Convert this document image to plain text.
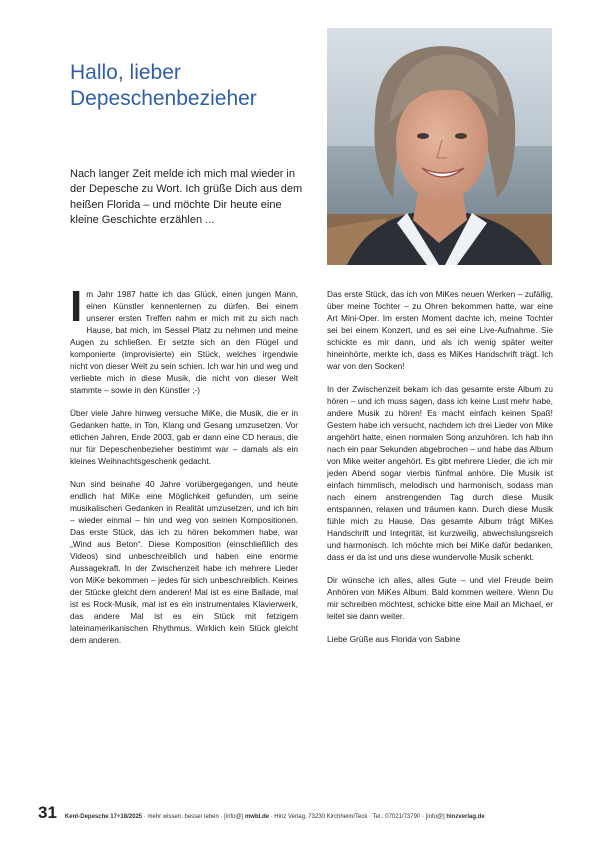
Hallo, lieber
Depeschenbezieher

Nach langer Zeit melde ich mich mal wieder in der Depesche zu Wort. Ich grüße Dich aus dem heißen Florida – und möchte Dir heute eine kleine Geschichte erzählen ...

Im Jahr 1987 hatte ich das Glück, einen jungen Mann, einen Künstler kennenlernen zu dürfen. Bei einem unserer ersten Treffen nahm er mich mit zu sich nach Hause, bat mich, im Sessel Platz zu nehmen und meine Augen zu schließen. Er setzte sich an den Flügel und komponierte (improvisierte) ein Stück, welches irgendwie nicht von dieser Welt zu sein schien. Ich war hin und weg und verliebte mich in diese Musik, die nicht von dieser Welt stammte – sowie in den Künstler ;-)

Über viele Jahre hinweg versuche MiKe, die Musik, die er in Gedanken hatte, in Ton, Klang und Gesang umzusetzen. Vor etlichen Jahren, Ende 2003, gab er dann eine CD heraus, die nur für Depeschenbezieher bestimmt war – damals als ein kleines Weihnachtsgeschenk gedacht.

Nun sind beinahe 40 Jahre vorübergegangen, und heute endlich hat MiKe eine Möglichkeit gefunden, um seine musikalischen Gedanken in Realität umzusetzen, und ich bin – wieder einmal – hin und weg von seinen Kompositionen. Das erste Stück, das ich zu hören bekommen habe, war „Wind aus Beton“. Diese Komposition (einschließlich des Videos) sind unbeschreiblich und haben eine enorme Aussagekraft. In der Zwischenzeit habe ich mehrere Lieder von MiKe bekommen – jedes für sich unbeschreiblich. Keines der Stücke gleicht dem anderen! Mal ist es eine Ballade, mal ist es Rock-Musik, mal ist es ein instrumentales Klavierwerk, das andere Mal ist es ein Stück mit fetzigem lateinamerikanischen Rhythmus. Wirklich kein Stück gleicht dem anderen.

Das erste Stück, das ich von MiKes neuen Werken – zufällig, über meine Tochter – zu Ohren bekommen hatte, war eine Art Mini-Oper. Im ersten Moment dachte ich, meine Tochter sei bei einem Konzert, und es sei eine Live-Aufnahme. Sie schickte es mir dann, und als ich wenig später weiter hineinhörte, merkte ich, dass es MiKes Handschrift trägt. Ich war von den Socken!

In der Zwischenzeit bekam ich das gesamte erste Album zu hören – und ich muss sagen, dass ich keine Lust mehr habe, andere Musik zu hören! Es macht einfach keinen Spaß! Gestern habe ich versucht, nachdem ich drei Lieder von Mike angehört hatte, einen normalen Song anzuhören. Ich hab ihn nach ein paar Sekunden abgebrochen – und habe das Album von Mike weiter angehört. Es gibt mehrere Lieder, die ich mir jeden Abend sogar vierbis fünfmal anhöre. Die Musik ist einfach himmlisch, melodisch und harmonisch, sodass man nach einem anstrengenden Tag durch diese Musik entspannen, relaxen und träumen kann. Durch diese Musik fühle mich zu Hause. Das gesamte Album trägt MiKes Handschrift und Integrität, ist kurzweilig, abwechslungsreich und harmonisch. Ich möchte mich bei MiKe dafür bedanken, dass er da ist und uns diese wundervolle Musik schenkt.

Dir wünsche ich alles, alles Gute – und viel Freude beim Anhören von MiKes Album. Bald kommen weitere. Wenn Du mir schreiben möchtest, schicke bitte eine Mail an Michael, er leitet sie dann weiter.

Liebe Grüße aus Florida von Sabine

31 Kent-Depesche 17+18/2025 · mehr wissen, besser leben · [info@] mwbl.de · Hinz Verlag, 73230 Kirchheim/Teck · Tel.: 07021/73790 · [info@] hinzverlag.de
